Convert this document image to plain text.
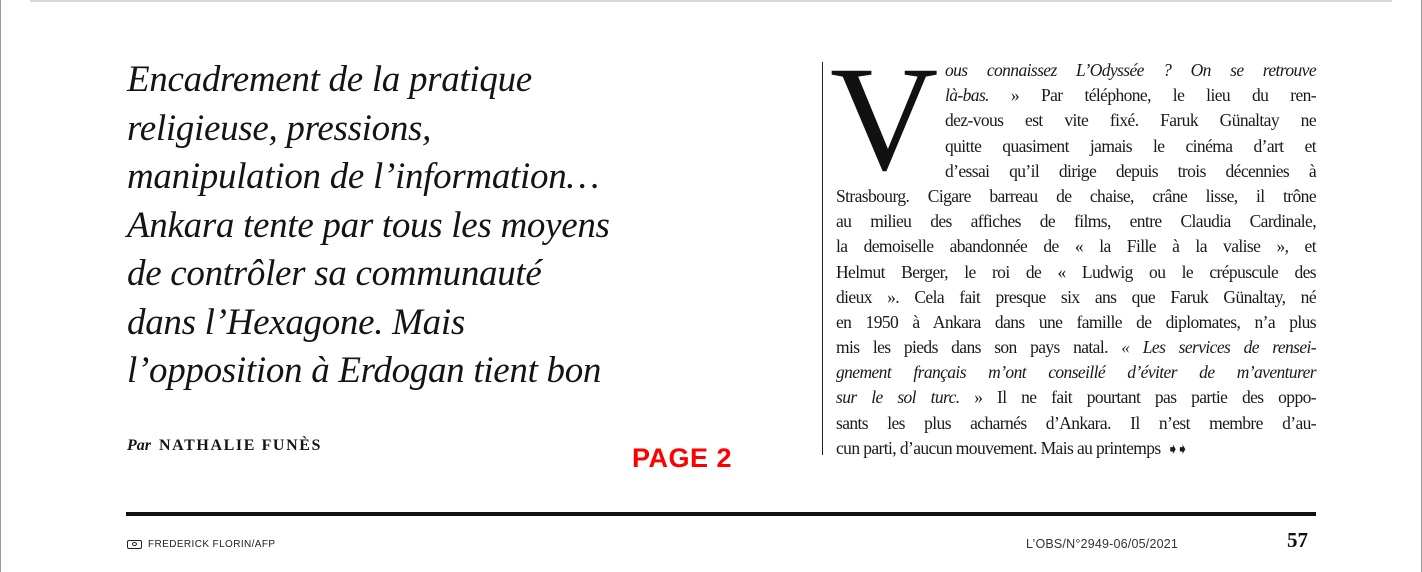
Encadrement de la pratique
religieuse, pressions,
manipulation de l’information…
Ankara tente par tous les moyens
de contrôler sa communauté
dans l’Hexagone. Mais
l’opposition à Erdogan tient bon
Par NATHALIE FUNÈS	PAGE 2
V ous connaissez L’Odyssée ? On se retrouve
là-bas. » Par téléphone, le lieu du ren-
dez-vous est vite fixé. Faruk Günaltay ne
quitte quasiment jamais le cinéma d’art et
d’essai qu’il dirige depuis trois décennies à
Strasbourg. Cigare barreau de chaise, crâne lisse, il trône
au milieu des affiches de films, entre Claudia Cardinale,
la demoiselle abandonnée de « la Fille à la valise », et
Helmut Berger, le roi de « Ludwig ou le crépuscule des
dieux ». Cela fait presque six ans que Faruk Günaltay, né
en 1950 à Ankara dans une famille de diplomates, n’a plus
mis les pieds dans son pays natal. « Les services de rensei-
gnement français m’ont conseillé d’éviter de m’aventurer
sur le sol turc. » Il ne fait pourtant pas partie des oppo-
sants les plus acharnés d’Ankara. Il n’est membre d’au-
cun parti, d’aucun mouvement. Mais au printemps ➧➧
FREDERICK FLORIN/AFP	L’OBS/N°2949-06/05/2021	57
